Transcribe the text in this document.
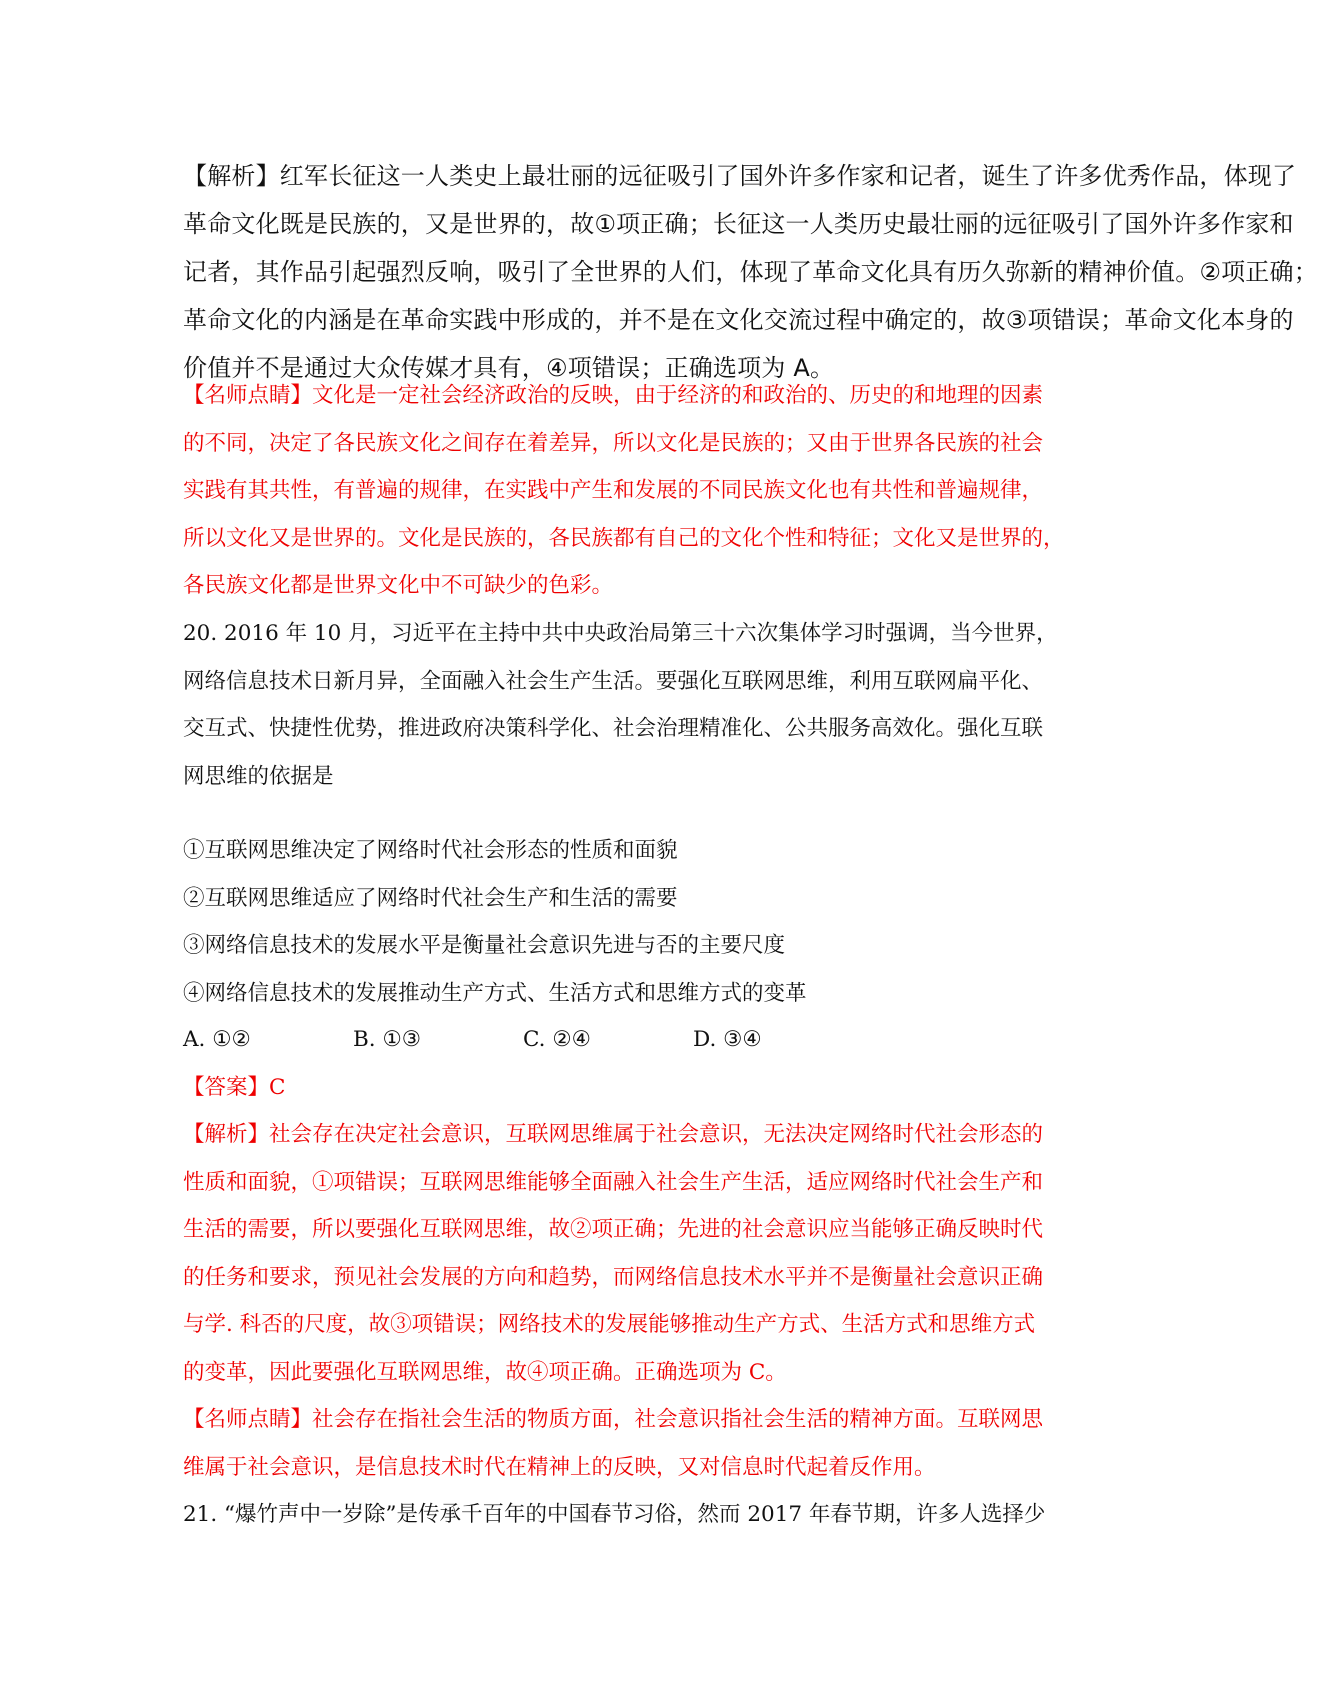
【解析】红军长征这一人类史上最壮丽的远征吸引了国外许多作家和记者，诞生了许多优秀作品，体现了
革命文化既是民族的，又是世界的，故①项正确；长征这一人类历史最壮丽的远征吸引了国外许多作家和
记者，其作品引起强烈反响，吸引了全世界的人们，体现了革命文化具有历久弥新的精神价值。②项正确；
革命文化的内涵是在革命实践中形成的，并不是在文化交流过程中确定的，故③项错误；革命文化本身的
价值并不是通过大众传媒才具有，④项错误；正确选项为 A。
【名师点睛】文化是一定社会经济政治的反映，由于经济的和政治的、历史的和地理的因素
的不同，决定了各民族文化之间存在着差异，所以文化是民族的；又由于世界各民族的社会
实践有其共性，有普遍的规律，在实践中产生和发展的不同民族文化也有共性和普遍规律，
所以文化又是世界的。文化是民族的，各民族都有自己的文化个性和特征；文化又是世界的，
各民族文化都是世界文化中不可缺少的色彩。
20. 2016 年 10 月，习近平在主持中共中央政治局第三十六次集体学习时强调，当今世界，
网络信息技术日新月异，全面融入社会生产生活。要强化互联网思维，利用互联网扁平化、
交互式、快捷性优势，推进政府决策科学化、社会治理精准化、公共服务高效化。强化互联
网思维的依据是
①互联网思维决定了网络时代社会形态的性质和面貌
②互联网思维适应了网络时代社会生产和生活的需要
③网络信息技术的发展水平是衡量社会意识先进与否的主要尺度
④网络信息技术的发展推动生产方式、生活方式和思维方式的变革
A. ①②	B. ①③	C. ②④	D. ③④
【答案】C
【解析】社会存在决定社会意识，互联网思维属于社会意识，无法决定网络时代社会形态的
性质和面貌，①项错误；互联网思维能够全面融入社会生产生活，适应网络时代社会生产和
生活的需要，所以要强化互联网思维，故②项正确；先进的社会意识应当能够正确反映时代
的任务和要求，预见社会发展的方向和趋势，而网络信息技术水平并不是衡量社会意识正确
与学. 科否的尺度，故③项错误；网络技术的发展能够推动生产方式、生活方式和思维方式
的变革，因此要强化互联网思维，故④项正确。正确选项为 C。
【名师点睛】社会存在指社会生活的物质方面，社会意识指社会生活的精神方面。互联网思
维属于社会意识，是信息技术时代在精神上的反映，又对信息时代起着反作用。
21. “爆竹声中一岁除”是传承千百年的中国春节习俗，然而 2017 年春节期，许多人选择少
